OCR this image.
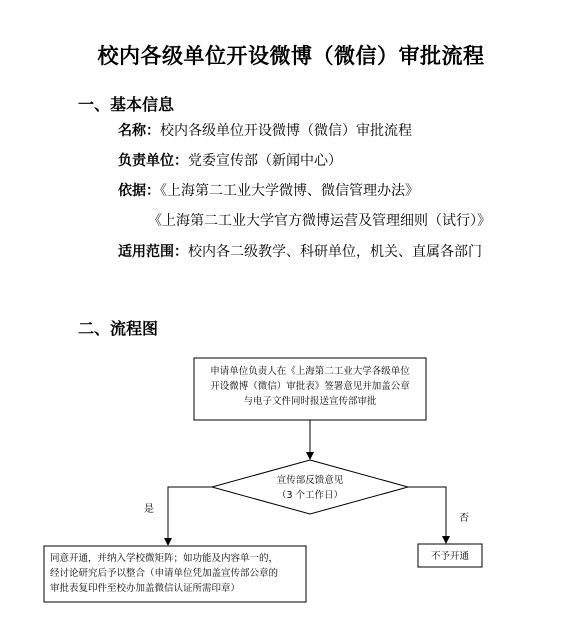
校内各级单位开设微博（微信）审批流程
一、基本信息
名称：校内各级单位开设微博（微信）审批流程
负责单位：党委宣传部（新闻中心）
依据：《上海第二工业大学微博、微信管理办法》
《上海第二工业大学官方微博运营及管理细则（试行）》
适用范围：校内各二级教学、科研单位，机关、直属各部门
二、流程图
申请单位负责人在《上海第二工业大学各级单位
开设微博（微信）审批表》签署意见并加盖公章
与电子文件同时报送宣传部审批
宣传部反馈意见
（3 个工作日）
是
否
同意开通，并纳入学校微矩阵；如功能及内容单一的，
经讨论研究后予以整合（申请单位凭加盖宣传部公章的
审批表复印件至校办加盖微信认证所需印章）
不予开通
